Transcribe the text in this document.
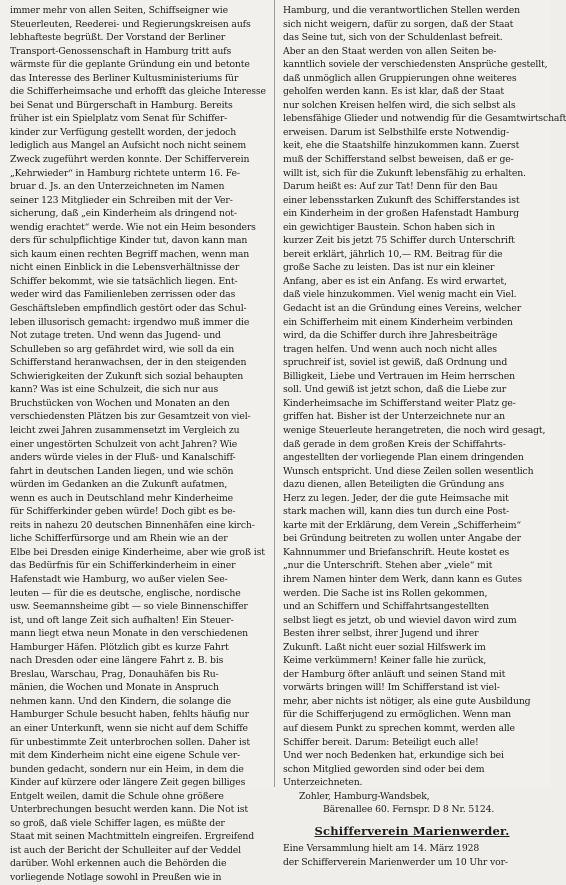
immer mehr von allen Seiten, Schiffseigner wie
Steuerleuten, Reederei- und Regierungskreisen aufs
lebhafteste begrüßt. Der Vorstand der Berliner
Transport-Genossenschaft in Hamburg tritt aufs
wärmste für die geplante Gründung ein und betonte
das Interesse des Berliner Kultusministeriums für
die Schifferheimsache und erhofft das gleiche Interesse
bei Senat und Bürgerschaft in Hamburg. Bereits
früher ist ein Spielplatz vom Senat für Schiffer-
kinder zur Verfügung gestellt worden, der jedoch
lediglich aus Mangel an Aufsicht noch nicht seinem
Zweck zugeführt werden konnte. Der Schifferverein
„Kehrwieder“ in Hamburg richtete unterm 16. Fe-
bruar d. Js. an den Unterzeichneten im Namen
seiner 123 Mitglieder ein Schreiben mit der Ver-
sicherung, daß „ein Kinderheim als dringend not-
wendig erachtet“ werde. Wie not ein Heim besonders
ders für schulpflichtige Kinder tut, davon kann man
sich kaum einen rechten Begriff machen, wenn man
nicht einen Einblick in die Lebensverhältnisse der
Schiffer bekommt, wie sie tatsächlich liegen. Ent-
weder wird das Familienleben zerrissen oder das
Geschäftsleben empfindlich gestört oder das Schul-
leben illusorisch gemacht: irgendwo muß immer die
Not zutage treten. Und wenn das Jugend- und
Schulleben so arg gefährdet wird, wie soll da ein
Schifferstand heranwachsen, der in den steigenden
Schwierigkeiten der Zukunft sich sozial behaupten
kann? Was ist eine Schulzeit, die sich nur aus
Bruchstücken von Wochen und Monaten an den
verschiedensten Plätzen bis zur Gesamtzeit von viel-
leicht zwei Jahren zusammensetzt im Vergleich zu
einer ungestörten Schulzeit von acht Jahren? Wie
anders würde vieles in der Fluß- und Kanalschiff-
fahrt in deutschen Landen liegen, und wie schön
würden im Gedanken an die Zukunft aufatmen,
wenn es auch in Deutschland mehr Kinderheime
für Schifferkinder geben würde! Doch gibt es be-
reits in nahezu 20 deutschen Binnenhäfen eine kirch-
liche Schifferfürsorge und am Rhein wie an der
Elbe bei Dresden einige Kinderheime, aber wie groß ist
das Bedürfnis für ein Schifferkinderheim in einer
Hafenstadt wie Hamburg, wo außer vielen See-
leuten — für die es deutsche, englische, nordische
usw. Seemannsheime gibt — so viele Binnenschiffer
ist, und oft lange Zeit sich aufhalten! Ein Steuer-
mann liegt etwa neun Monate in den verschiedenen
Hamburger Häfen. Plötzlich gibt es kurze Fahrt
nach Dresden oder eine längere Fahrt z. B. bis
Breslau, Warschau, Prag, Donauhäfen bis Ru-
mänien, die Wochen und Monate in Anspruch
nehmen kann. Und den Kindern, die solange die
Hamburger Schule besucht haben, fehlts häufig nur
an einer Unterkunft, wenn sie nicht auf dem Schiffe
für unbestimmte Zeit unterbrochen sollen. Daher ist
mit dem Kinderheim nicht eine eigene Schule ver-
bunden gedacht, sondern nur ein Heim, in dem die
Kinder auf kürzere oder längere Zeit gegen billiges
Entgelt weilen, damit die Schule ohne größere
Unterbrechungen besucht werden kann. Die Not ist
so groß, daß viele Schiffer lagen, es müßte der
Staat mit seinen Machtmitteln eingreifen. Ergreifend
ist auch der Bericht der Schulleiter auf der Veddel
darüber. Wohl erkennen auch die Behörden die
vorliegende Notlage sowohl in Preußen wie in
Hamburg, und die verantwortlichen Stellen werden
sich nicht weigern, dafür zu sorgen, daß der Staat
das Seine tut, sich von der Schuldenlast befreit.
Aber an den Staat werden von allen Seiten be-
kanntlich soviele der verschiedensten Ansprüche gestellt,
daß unmöglich allen Gruppierungen ohne weiteres
geholfen werden kann. Es ist klar, daß der Staat
nur solchen Kreisen helfen wird, die sich selbst als
lebensfähige Glieder und notwendig für die Gesamtwirtschaft
erweisen. Darum ist Selbsthilfe erste Notwendig-
keit, ehe die Staatshilfe hinzukommen kann. Zuerst
muß der Schifferstand selbst beweisen, daß er ge-
willt ist, sich für die Zukunft lebensfähig zu erhalten.
Darum heißt es: Auf zur Tat! Denn für den Bau
einer lebensstarken Zukunft des Schifferstandes ist
ein Kinderheim in der großen Hafenstadt Hamburg
ein gewichtiger Baustein. Schon haben sich in
kurzer Zeit bis jetzt 75 Schiffer durch Unterschrift
bereit erklärt, jährlich 10,— RM. Beitrag für die
große Sache zu leisten. Das ist nur ein kleiner
Anfang, aber es ist ein Anfang. Es wird erwartet,
daß viele hinzukommen. Viel wenig macht ein Viel.
Gedacht ist an die Gründung eines Vereins, welcher
ein Schifferheim mit einem Kinderheim verbinden
wird, da die Schiffer durch ihre Jahresbeiträge
tragen helfen. Und wenn auch noch nicht alles
spruchreif ist, soviel ist gewiß, daß Ordnung und
Billigkeit, Liebe und Vertrauen im Heim herrschen
soll. Und gewiß ist jetzt schon, daß die Liebe zur
Kinderheimsache im Schifferstand weiter Platz ge-
griffen hat. Bisher ist der Unterzeichnete nur an
wenige Steuerleute herangetreten, die noch wird gesagt,
daß gerade in dem großen Kreis der Schiffahrts-
angestellten der vorliegende Plan einem dringenden
Wunsch entspricht. Und diese Zeilen sollen wesentlich
dazu dienen, allen Beteiligten die Gründung ans
Herz zu legen. Jeder, der die gute Heimsache mit
stark machen will, kann dies tun durch eine Post-
karte mit der Erklärung, dem Verein „Schifferheim“
bei Gründung beitreten zu wollen unter Angabe der
Kahnnummer und Briefanschrift. Heute kostet es
„nur die Unterschrift. Stehen aber „viele“ mit
ihrem Namen hinter dem Werk, dann kann es Gutes
werden. Die Sache ist ins Rollen gekommen,
und an Schiffern und Schiffahrtsangestellten
selbst liegt es jetzt, ob und wieviel davon wird zum
Besten ihrer selbst, ihrer Jugend und ihrer
Zukunft. Laßt nicht euer sozial Hilfswerk im
Keime verkümmern! Keiner falle hie zurück,
der Hamburg öfter anläuft und seinen Stand mit
vorwärts bringen will! Im Schifferstand ist viel-
mehr, aber nichts ist nötiger, als eine gute Ausbildung
für die Schifferjugend zu ermöglichen. Wenn man
auf diesem Punkt zu sprechen kommt, werden alle
Schiffer bereit. Darum: Beteiligt euch alle!
Und wer noch Bedenken hat, erkundige sich bei
schon Mitglied geworden sind oder bei dem
Unterzeichneten.
Zohler, Hamburg-Wandsbek,
Bärenallee 60. Fernspr. D 8 Nr. 5124.
Schifferverein Marienwerder.
Eine Versammlung hielt am 14. März 1928
der Schifferverein Marienwerder um 10 Uhr vor-
